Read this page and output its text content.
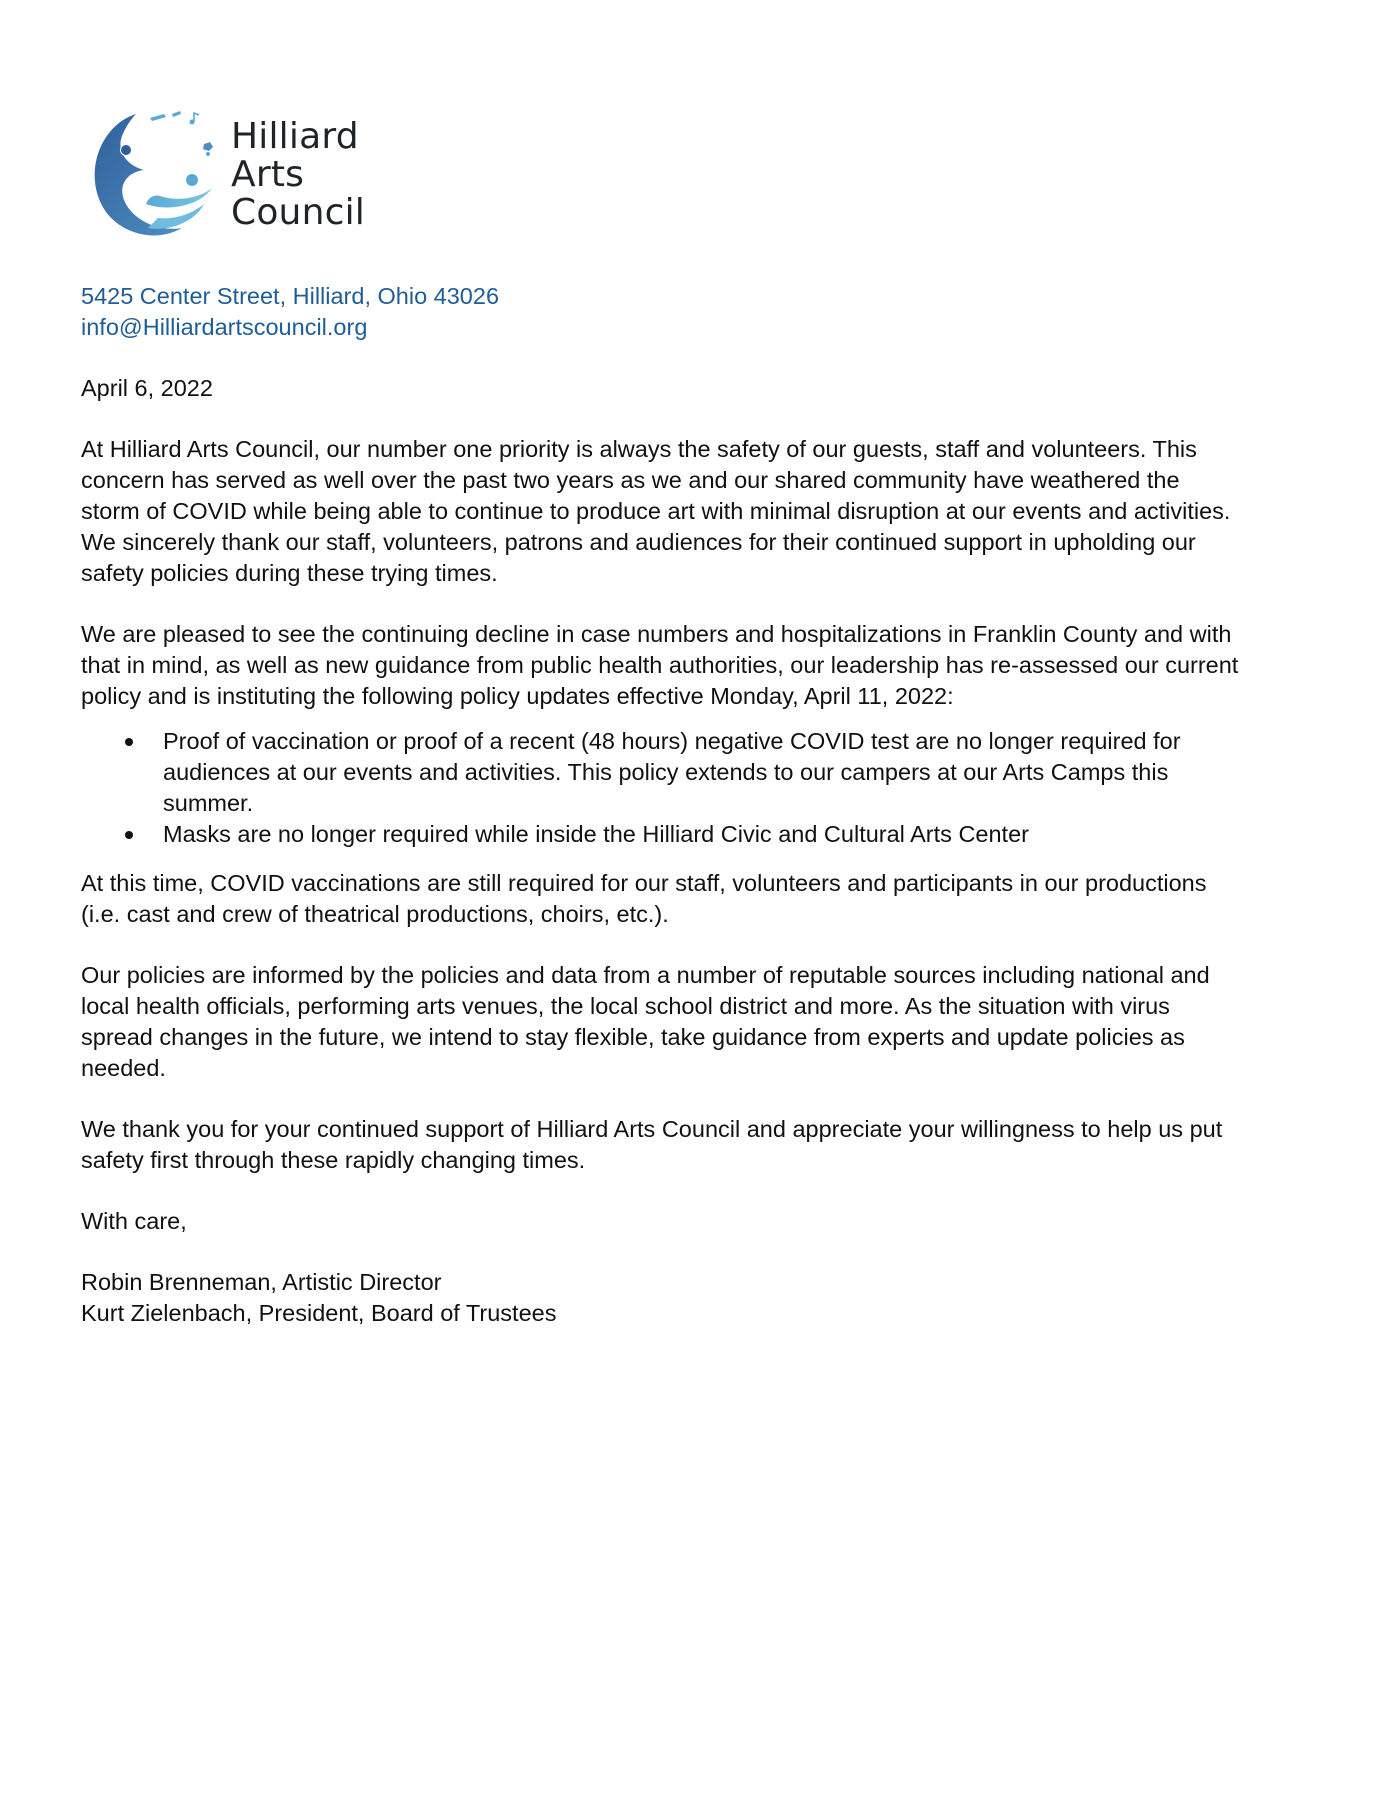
Hilliard
Arts
Council
5425 Center Street, Hilliard, Ohio 43026
info@Hilliardartscouncil.org

April 6, 2022

At Hilliard Arts Council, our number one priority is always the safety of our guests, staff and volunteers. This concern has served as well over the past two years as we and our shared community have weathered the storm of COVID while being able to continue to produce art with minimal disruption at our events and activities. We sincerely thank our staff, volunteers, patrons and audiences for their continued support in upholding our safety policies during these trying times.

We are pleased to see the continuing decline in case numbers and hospitalizations in Franklin County and with that in mind, as well as new guidance from public health authorities, our leadership has re-assessed our current policy and is instituting the following policy updates effective Monday, April 11, 2022:

Proof of vaccination or proof of a recent (48 hours) negative COVID test are no longer required for audiences at our events and activities. This policy extends to our campers at our Arts Camps this summer.
Masks are no longer required while inside the Hilliard Civic and Cultural Arts Center

At this time, COVID vaccinations are still required for our staff, volunteers and participants in our productions (i.e. cast and crew of theatrical productions, choirs, etc.).

Our policies are informed by the policies and data from a number of reputable sources including national and local health officials, performing arts venues, the local school district and more. As the situation with virus spread changes in the future, we intend to stay flexible, take guidance from experts and update policies as needed.

We thank you for your continued support of Hilliard Arts Council and appreciate your willingness to help us put safety first through these rapidly changing times.

With care,

Robin Brenneman, Artistic Director
Kurt Zielenbach, President, Board of Trustees
